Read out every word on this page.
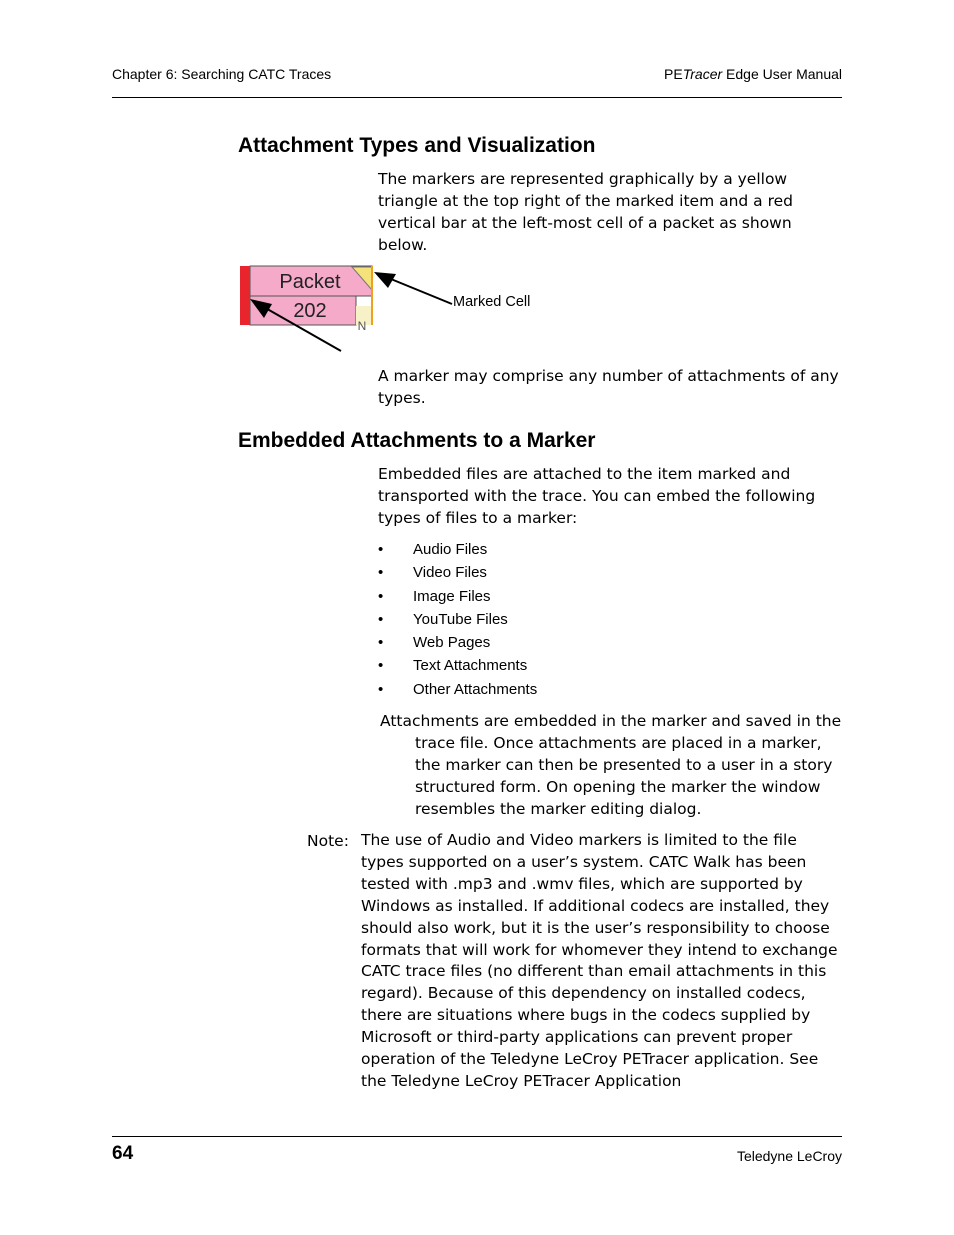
Chapter 6: Searching CATC Traces	PETracer Edge User Manual
Attachment Types and Visualization

The markers are represented graphically by a yellow triangle at the top right of the marked item and a red vertical bar at the left-most cell of a packet as shown below.

Packet
202
N
Marked Cell

A marker may comprise any number of attachments of any types.

Embedded Attachments to a Marker

Embedded files are attached to the item marked and transported with the trace. You can embed the following types of files to a marker:

• Audio Files
• Video Files
• Image Files
• YouTube Files
• Web Pages
• Text Attachments
• Other Attachments

Attachments are embedded in the marker and saved in the trace file. Once attachments are placed in a marker, the marker can then be presented to a user in a story structured form. On opening the marker the window resembles the marker editing dialog.

Note: The use of Audio and Video markers is limited to the file types supported on a user’s system. CATC Walk has been tested with .mp3 and .wmv files, which are supported by Windows as installed. If additional codecs are installed, they should also work, but it is the user’s responsibility to choose formats that will work for whomever they intend to exchange CATC trace files (no different than email attachments in this regard). Because of this dependency on installed codecs, there are situations where bugs in the codecs supplied by Microsoft or third-party applications can prevent proper operation of the Teledyne LeCroy PETracer application. See the Teledyne LeCroy PETracer Application

64	Teledyne LeCroy
